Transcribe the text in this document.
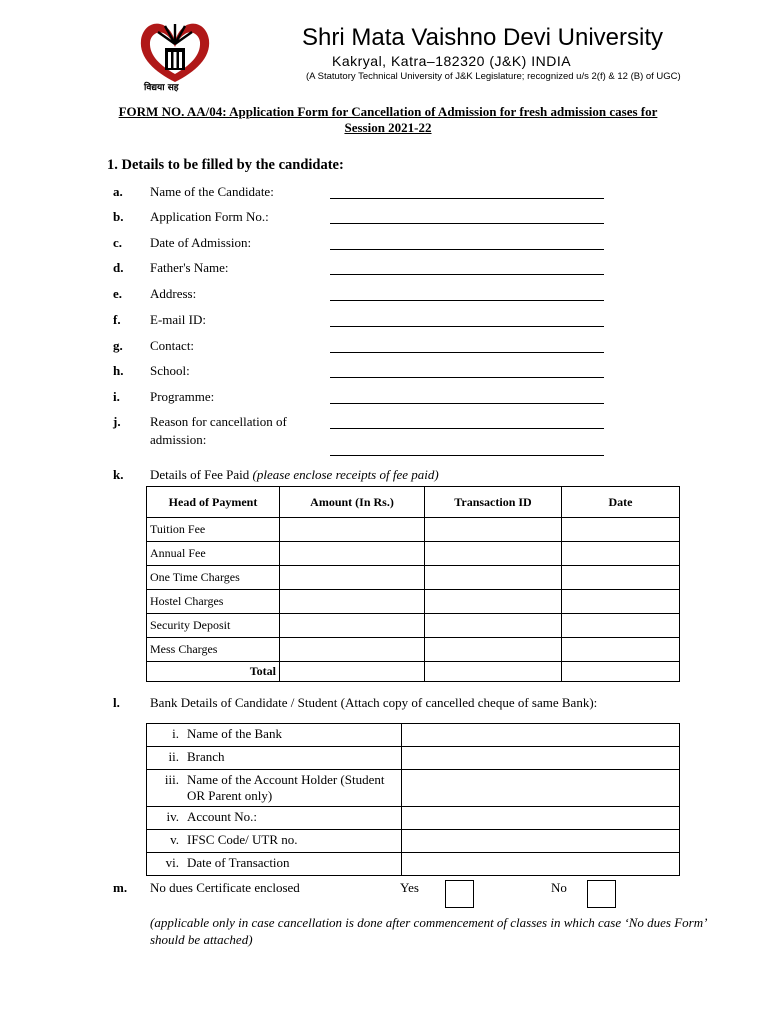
विद्यया सह
Shri Mata Vaishno Devi University
Kakryal, Katra–182320 (J&K) INDIA
(A Statutory Technical University of J&K Legislature; recognized u/s 2(f) & 12 (B) of UGC)
FORM NO. AA/04: Application Form for Cancellation of Admission for fresh admission cases for Session 2021-22
1. Details to be filled by the candidate:
a. Name of the Candidate:
b. Application Form No.:
c. Date of Admission:
d. Father's Name:
e. Address:
f. E-mail ID:
g. Contact:
h. School:
i. Programme:
j. Reason for cancellation of
admission:
k. Details of Fee Paid (please enclose receipts of fee paid)
Head of Payment	Amount (In Rs.)	Transaction ID	Date
Tuition Fee			
Annual Fee			
One Time Charges			
Hostel Charges			
Security Deposit			
Mess Charges			
Total			
l. Bank Details of Candidate / Student (Attach copy of cancelled cheque of same Bank):
i.	Name of the Bank	
ii.	Branch	
iii.	Name of the Account Holder (Student OR Parent only)	
iv.	Account No.:	
v.	IFSC Code/ UTR no.	
vi.	Date of Transaction	
m. No dues Certificate enclosed	Yes	No
(applicable only in case cancellation is done after commencement of classes in which case ‘No dues Form’ should be attached)
